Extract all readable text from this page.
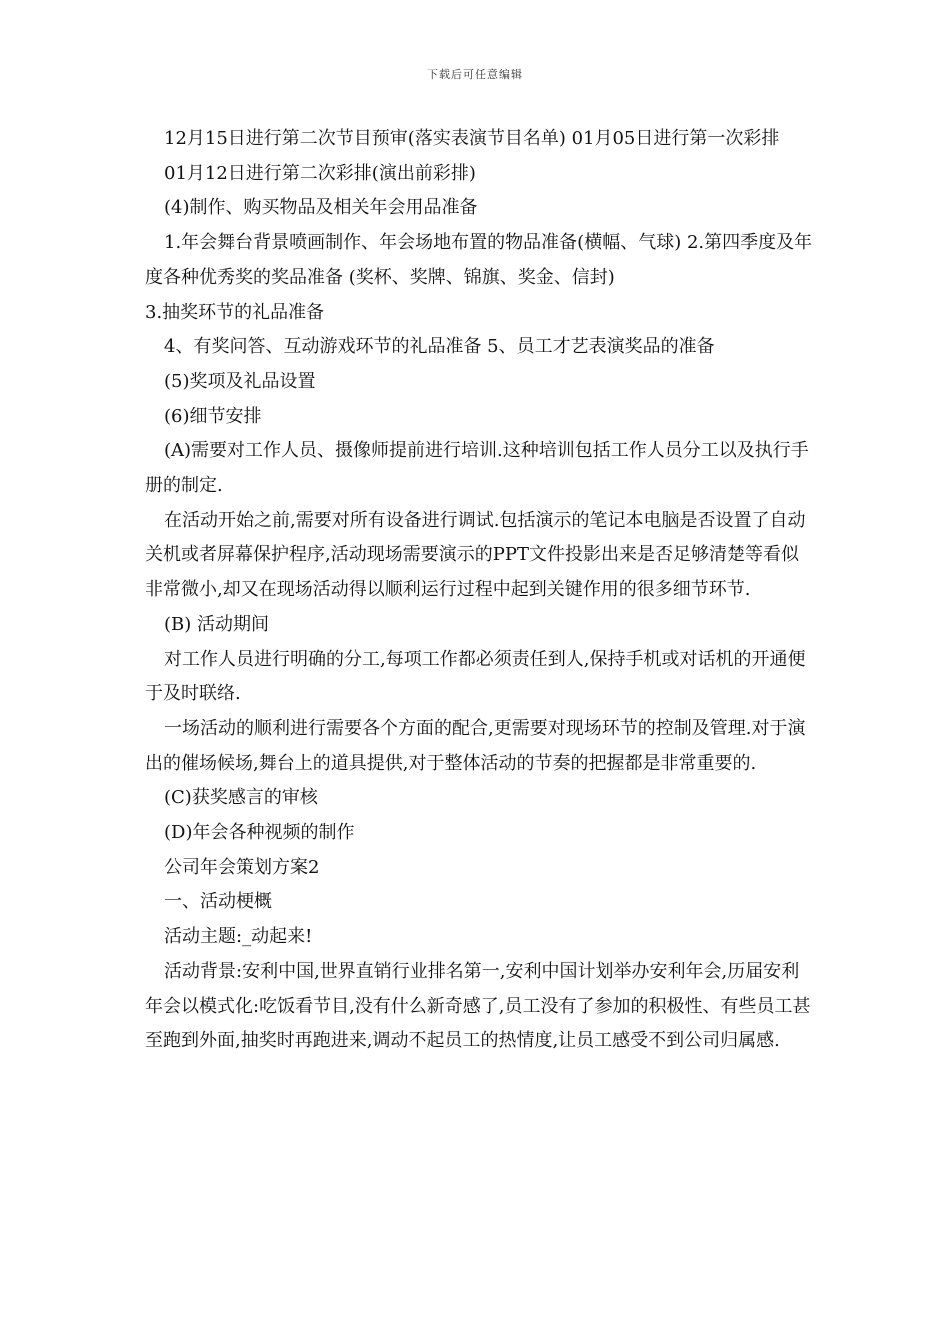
下载后可任意编辑

12月15日进行第二次节目预审(落实表演节目名单) 01月05日进行第一次彩排

01月12日进行第二次彩排(演出前彩排)

(4)制作、购买物品及相关年会用品准备

1.年会舞台背景喷画制作、年会场地布置的物品准备(横幅、气球) 2.第四季度及年度各种优秀奖的奖品准备 (奖杯、奖牌、锦旗、奖金、信封)

3.抽奖环节的礼品准备

4、有奖问答、互动游戏环节的礼品准备 5、员工才艺表演奖品的准备

(5)奖项及礼品设置

(6)细节安排

(A)需要对工作人员、摄像师提前进行培训.这种培训包括工作人员分工以及执行手册的制定.

在活动开始之前,需要对所有设备进行调试.包括演示的笔记本电脑是否设置了自动关机或者屏幕保护程序,活动现场需要演示的PPT文件投影出来是否足够清楚等看似非常微小,却又在现场活动得以顺利运行过程中起到关键作用的很多细节环节.

(B) 活动期间

对工作人员进行明确的分工,每项工作都必须责任到人,保持手机或对话机的开通便于及时联络.

一场活动的顺利进行需要各个方面的配合,更需要对现场环节的控制及管理.对于演出的催场候场,舞台上的道具提供,对于整体活动的节奏的把握都是非常重要的.

(C)获奖感言的审核

(D)年会各种视频的制作

公司年会策划方案2

一、活动梗概

活动主题:_动起来!

活动背景:安利中国,世界直销行业排名第一,安利中国计划举办安利年会,历届安利年会以模式化:吃饭看节目,没有什么新奇感了,员工没有了参加的积极性、有些员工甚至跑到外面,抽奖时再跑进来,调动不起员工的热情度,让员工感受不到公司归属感.
